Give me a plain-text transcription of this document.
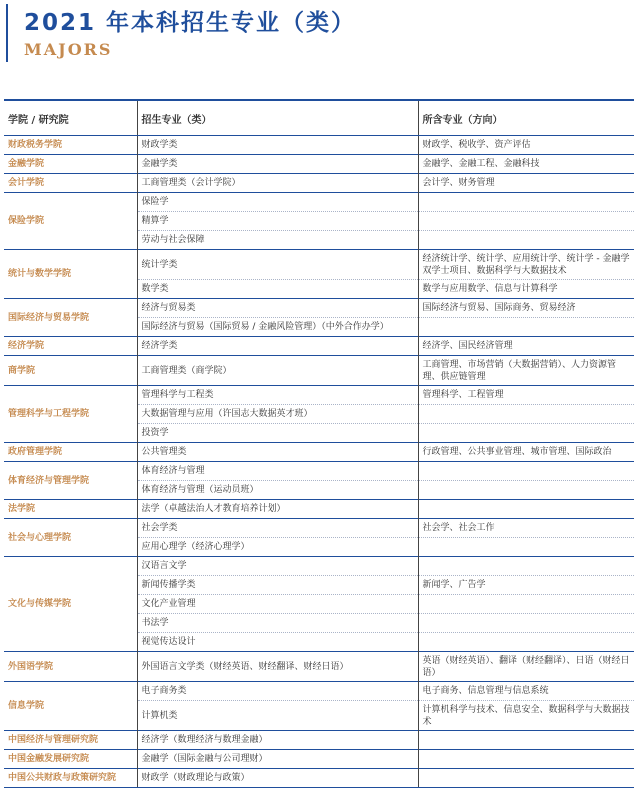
2021 年本科招生专业（类）
MAJORS
学院 / 研究院	招生专业（类）	所含专业（方向）
财政税务学院	财政学类	财政学、税收学、资产评估
金融学院	金融学类	金融学、金融工程、金融科技
会计学院	工商管理类（会计学院）	会计学、财务管理
保险学院	保险学	
	精算学	
	劳动与社会保障	
统计与数学学院	统计学类	经济统计学、统计学、应用统计学、统计学 - 金融学双学士项目、数据科学与大数据技术
	数学类	数学与应用数学、信息与计算科学
国际经济与贸易学院	经济与贸易类	国际经济与贸易、国际商务、贸易经济
	国际经济与贸易（国际贸易 / 金融风险管理）（中外合作办学）	
经济学院	经济学类	经济学、国民经济管理
商学院	工商管理类（商学院）	工商管理、市场营销（大数据营销）、人力资源管理、供应链管理
管理科学与工程学院	管理科学与工程类	管理科学、工程管理
	大数据管理与应用（许国志大数据英才班）	
	投资学	
政府管理学院	公共管理类	行政管理、公共事业管理、城市管理、国际政治
体育经济与管理学院	体育经济与管理	
	体育经济与管理（运动员班）	
法学院	法学（卓越法治人才教育培养计划）	
社会与心理学院	社会学类	社会学、社会工作
	应用心理学（经济心理学）	
文化与传媒学院	汉语言文学	
	新闻传播学类	新闻学、广告学
	文化产业管理	
	书法学	
	视觉传达设计	
外国语学院	外国语言文学类（财经英语、财经翻译、财经日语）	英语（财经英语）、翻译（财经翻译）、日语（财经日语）
信息学院	电子商务类	电子商务、信息管理与信息系统
	计算机类	计算机科学与技术、信息安全、数据科学与大数据技术
中国经济与管理研究院	经济学（数理经济与数理金融）	
中国金融发展研究院	金融学（国际金融与公司理财）	
中国公共财政与政策研究院	财政学（财政理论与政策）	
